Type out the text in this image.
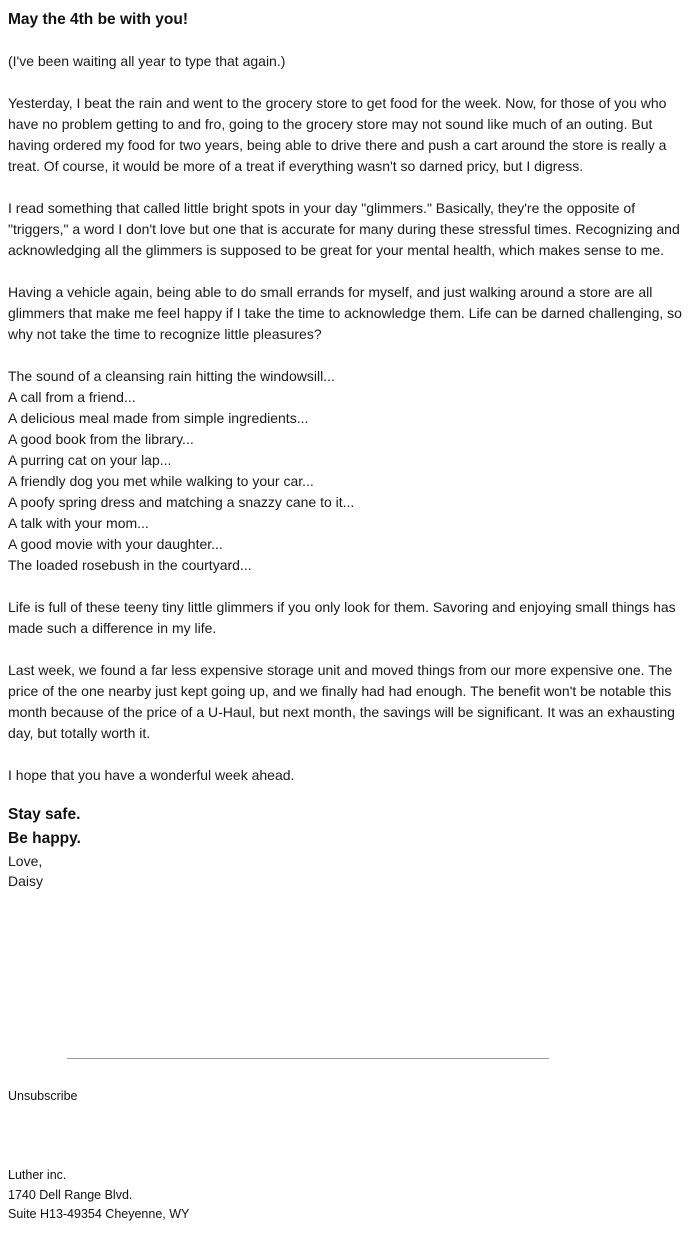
May the 4th be with you!

(I've been waiting all year to type that again.)

Yesterday, I beat the rain and went to the grocery store to get food for the week. Now, for those of you who have no problem getting to and fro, going to the grocery store may not sound like much of an outing. But having ordered my food for two years, being able to drive there and push a cart around the store is really a treat. Of course, it would be more of a treat if everything wasn't so darned pricy, but I digress.

I read something that called little bright spots in your day "glimmers." Basically, they're the opposite of "triggers," a word I don't love but one that is accurate for many during these stressful times. Recognizing and acknowledging all the glimmers is supposed to be great for your mental health, which makes sense to me.

Having a vehicle again, being able to do small errands for myself, and just walking around a store are all glimmers that make me feel happy if I take the time to acknowledge them. Life can be darned challenging, so why not take the time to recognize little pleasures?

The sound of a cleansing rain hitting the windowsill...
A call from a friend...
A delicious meal made from simple ingredients...
A good book from the library...
A purring cat on your lap...
A friendly dog you met while walking to your car...
A poofy spring dress and matching a snazzy cane to it...
A talk with your mom...
A good movie with your daughter...
The loaded rosebush in the courtyard...

Life is full of these teeny tiny little glimmers if you only look for them. Savoring and enjoying small things has made such a difference in my life.

Last week, we found a far less expensive storage unit and moved things from our more expensive one. The price of the one nearby just kept going up, and we finally had had enough. The benefit won't be notable this month because of the price of a U-Haul, but next month, the savings will be significant. It was an exhausting day, but totally worth it.

I hope that you have a wonderful week ahead.

Stay safe.
Be happy.
Love,
Daisy
Unsubscribe
Luther inc.
1740 Dell Range Blvd.
Suite H13-49354 Cheyenne, WY
